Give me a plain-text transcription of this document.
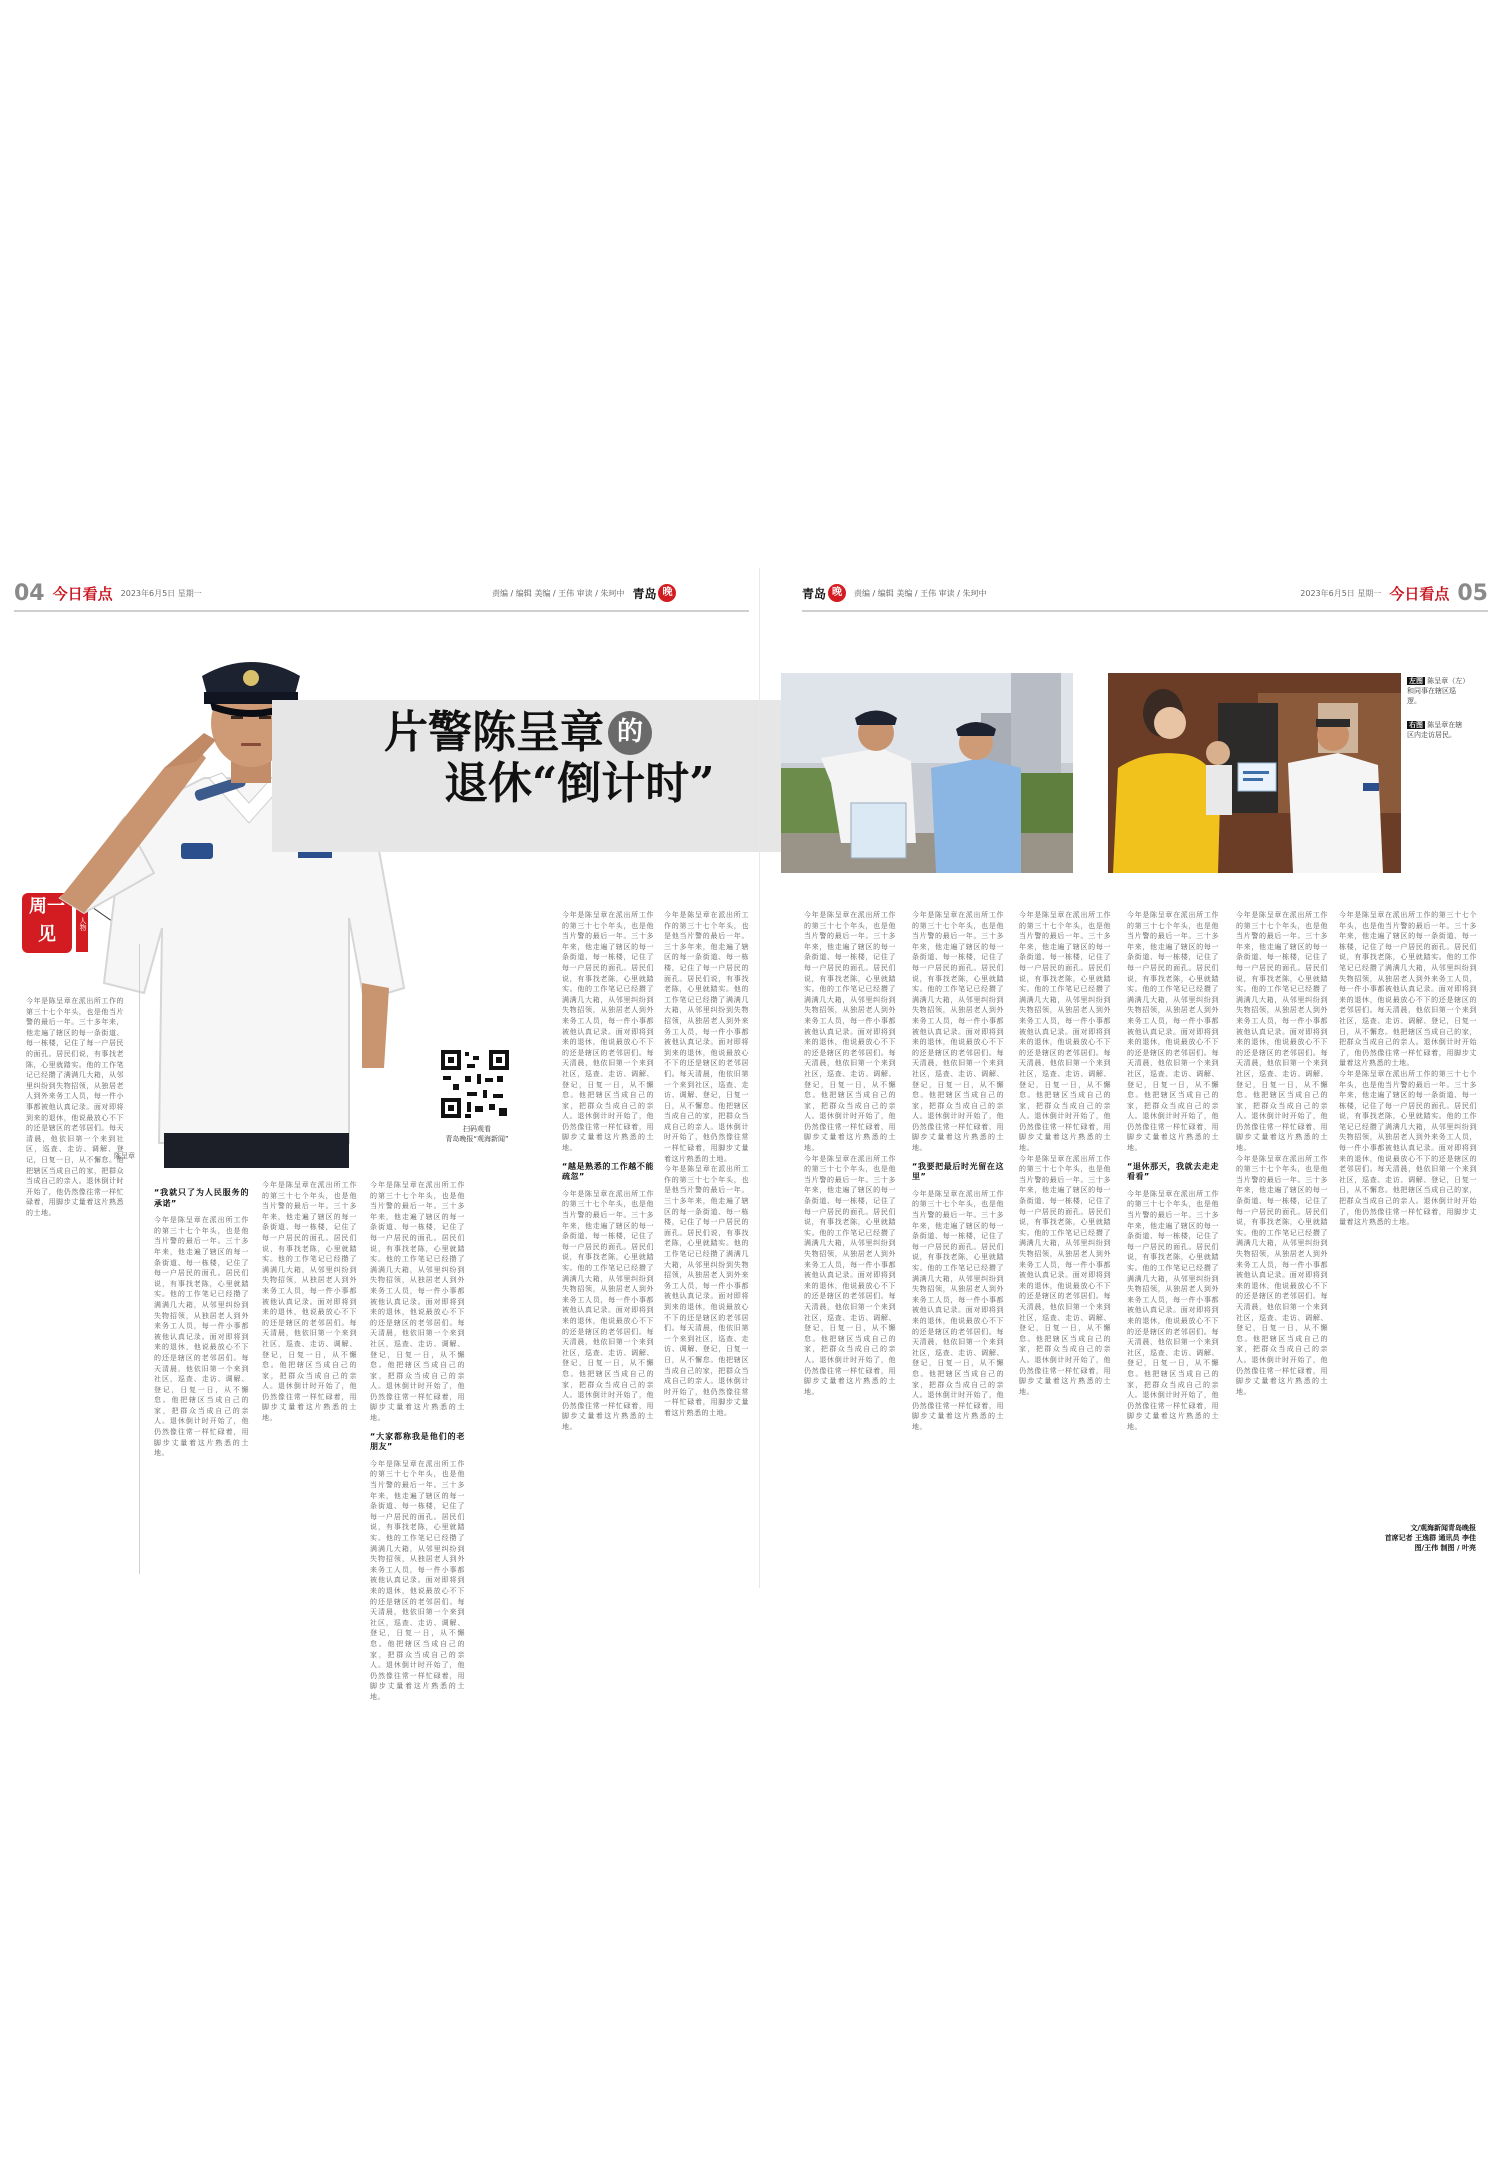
04 今日看点 2023年6月5日 星期一	责编 / 编辑 美编 / 王伟 审读 / 朱珂中 青岛 晚
周一见	人物
陈呈章
片警陈呈章 的
退休“倒计时”
扫码观看
青岛晚报“观海新闻”
今年是陈呈章在派出所工作的第三十七个年头，也是他当片警的最后一年。三十多年来，他走遍了辖区的每一条街道、每一栋楼，记住了每一户居民的面孔。居民们说，有事找老陈，心里就踏实。他的工作笔记已经攒了满满几大箱，从邻里纠纷到失物招领，从独居老人到外来务工人员，每一件小事都被他认真记录。面对即将到来的退休，他说最放心不下的还是辖区的老邻居们。每天清晨，他依旧第一个来到社区，巡查、走访、调解、登记，日复一日，从不懈怠。他把辖区当成自己的家，把群众当成自己的亲人。退休倒计时开始了，他仍然像往常一样忙碌着，用脚步丈量着这片熟悉的土地。
“我就只了为人民服务的承诺”
今年是陈呈章在派出所工作的第三十七个年头，也是他当片警的最后一年。三十多年来，他走遍了辖区的每一条街道、每一栋楼，记住了每一户居民的面孔。居民们说，有事找老陈，心里就踏实。他的工作笔记已经攒了满满几大箱，从邻里纠纷到失物招领，从独居老人到外来务工人员，每一件小事都被他认真记录。面对即将到来的退休，他说最放心不下的还是辖区的老邻居们。每天清晨，他依旧第一个来到社区，巡查、走访、调解、登记，日复一日，从不懈怠。他把辖区当成自己的家，把群众当成自己的亲人。退休倒计时开始了，他仍然像往常一样忙碌着，用脚步丈量着这片熟悉的土地。
今年是陈呈章在派出所工作的第三十七个年头，也是他当片警的最后一年。三十多年来，他走遍了辖区的每一条街道、每一栋楼，记住了每一户居民的面孔。居民们说，有事找老陈，心里就踏实。他的工作笔记已经攒了满满几大箱，从邻里纠纷到失物招领，从独居老人到外来务工人员，每一件小事都被他认真记录。面对即将到来的退休，他说最放心不下的还是辖区的老邻居们。每天清晨，他依旧第一个来到社区，巡查、走访、调解、登记，日复一日，从不懈怠。他把辖区当成自己的家，把群众当成自己的亲人。退休倒计时开始了，他仍然像往常一样忙碌着，用脚步丈量着这片熟悉的土地。
今年是陈呈章在派出所工作的第三十七个年头，也是他当片警的最后一年。三十多年来，他走遍了辖区的每一条街道、每一栋楼，记住了每一户居民的面孔。居民们说，有事找老陈，心里就踏实。他的工作笔记已经攒了满满几大箱，从邻里纠纷到失物招领，从独居老人到外来务工人员，每一件小事都被他认真记录。面对即将到来的退休，他说最放心不下的还是辖区的老邻居们。每天清晨，他依旧第一个来到社区，巡查、走访、调解、登记，日复一日，从不懈怠。他把辖区当成自己的家，把群众当成自己的亲人。退休倒计时开始了，他仍然像往常一样忙碌着，用脚步丈量着这片熟悉的土地。
“大家都称我是他们的老朋友”
今年是陈呈章在派出所工作的第三十七个年头，也是他当片警的最后一年。三十多年来，他走遍了辖区的每一条街道、每一栋楼，记住了每一户居民的面孔。居民们说，有事找老陈，心里就踏实。他的工作笔记已经攒了满满几大箱，从邻里纠纷到失物招领，从独居老人到外来务工人员，每一件小事都被他认真记录。面对即将到来的退休，他说最放心不下的还是辖区的老邻居们。每天清晨，他依旧第一个来到社区，巡查、走访、调解、登记，日复一日，从不懈怠。他把辖区当成自己的家，把群众当成自己的亲人。退休倒计时开始了，他仍然像往常一样忙碌着，用脚步丈量着这片熟悉的土地。
今年是陈呈章在派出所工作的第三十七个年头，也是他当片警的最后一年。三十多年来，他走遍了辖区的每一条街道、每一栋楼，记住了每一户居民的面孔。居民们说，有事找老陈，心里就踏实。他的工作笔记已经攒了满满几大箱，从邻里纠纷到失物招领，从独居老人到外来务工人员，每一件小事都被他认真记录。面对即将到来的退休，他说最放心不下的还是辖区的老邻居们。每天清晨，他依旧第一个来到社区，巡查、走访、调解、登记，日复一日，从不懈怠。他把辖区当成自己的家，把群众当成自己的亲人。退休倒计时开始了，他仍然像往常一样忙碌着，用脚步丈量着这片熟悉的土地。
“越是熟悉的工作越不能疏忽”
今年是陈呈章在派出所工作的第三十七个年头，也是他当片警的最后一年。三十多年来，他走遍了辖区的每一条街道、每一栋楼，记住了每一户居民的面孔。居民们说，有事找老陈，心里就踏实。他的工作笔记已经攒了满满几大箱，从邻里纠纷到失物招领，从独居老人到外来务工人员，每一件小事都被他认真记录。面对即将到来的退休，他说最放心不下的还是辖区的老邻居们。每天清晨，他依旧第一个来到社区，巡查、走访、调解、登记，日复一日，从不懈怠。他把辖区当成自己的家，把群众当成自己的亲人。退休倒计时开始了，他仍然像往常一样忙碌着，用脚步丈量着这片熟悉的土地。
今年是陈呈章在派出所工作的第三十七个年头，也是他当片警的最后一年。三十多年来，他走遍了辖区的每一条街道、每一栋楼，记住了每一户居民的面孔。居民们说，有事找老陈，心里就踏实。他的工作笔记已经攒了满满几大箱，从邻里纠纷到失物招领，从独居老人到外来务工人员，每一件小事都被他认真记录。面对即将到来的退休，他说最放心不下的还是辖区的老邻居们。每天清晨，他依旧第一个来到社区，巡查、走访、调解、登记，日复一日，从不懈怠。他把辖区当成自己的家，把群众当成自己的亲人。退休倒计时开始了，他仍然像往常一样忙碌着，用脚步丈量着这片熟悉的土地。
今年是陈呈章在派出所工作的第三十七个年头，也是他当片警的最后一年。三十多年来，他走遍了辖区的每一条街道、每一栋楼，记住了每一户居民的面孔。居民们说，有事找老陈，心里就踏实。他的工作笔记已经攒了满满几大箱，从邻里纠纷到失物招领，从独居老人到外来务工人员，每一件小事都被他认真记录。面对即将到来的退休，他说最放心不下的还是辖区的老邻居们。每天清晨，他依旧第一个来到社区，巡查、走访、调解、登记，日复一日，从不懈怠。他把辖区当成自己的家，把群众当成自己的亲人。退休倒计时开始了，他仍然像往常一样忙碌着，用脚步丈量着这片熟悉的土地。
青岛 晚	责编 / 编辑 美编 / 王伟 审读 / 朱珂中	2023年6月5日 星期一 今日看点 05
左图 陈呈章（左）和同事在辖区巡逻。
右图 陈呈章在辖区内走访居民。
今年是陈呈章在派出所工作的第三十七个年头，也是他当片警的最后一年。三十多年来，他走遍了辖区的每一条街道、每一栋楼，记住了每一户居民的面孔。居民们说，有事找老陈，心里就踏实。他的工作笔记已经攒了满满几大箱，从邻里纠纷到失物招领，从独居老人到外来务工人员，每一件小事都被他认真记录。面对即将到来的退休，他说最放心不下的还是辖区的老邻居们。每天清晨，他依旧第一个来到社区，巡查、走访、调解、登记，日复一日，从不懈怠。他把辖区当成自己的家，把群众当成自己的亲人。退休倒计时开始了，他仍然像往常一样忙碌着，用脚步丈量着这片熟悉的土地。
今年是陈呈章在派出所工作的第三十七个年头，也是他当片警的最后一年。三十多年来，他走遍了辖区的每一条街道、每一栋楼，记住了每一户居民的面孔。居民们说，有事找老陈，心里就踏实。他的工作笔记已经攒了满满几大箱，从邻里纠纷到失物招领，从独居老人到外来务工人员，每一件小事都被他认真记录。面对即将到来的退休，他说最放心不下的还是辖区的老邻居们。每天清晨，他依旧第一个来到社区，巡查、走访、调解、登记，日复一日，从不懈怠。他把辖区当成自己的家，把群众当成自己的亲人。退休倒计时开始了，他仍然像往常一样忙碌着，用脚步丈量着这片熟悉的土地。
今年是陈呈章在派出所工作的第三十七个年头，也是他当片警的最后一年。三十多年来，他走遍了辖区的每一条街道、每一栋楼，记住了每一户居民的面孔。居民们说，有事找老陈，心里就踏实。他的工作笔记已经攒了满满几大箱，从邻里纠纷到失物招领，从独居老人到外来务工人员，每一件小事都被他认真记录。面对即将到来的退休，他说最放心不下的还是辖区的老邻居们。每天清晨，他依旧第一个来到社区，巡查、走访、调解、登记，日复一日，从不懈怠。他把辖区当成自己的家，把群众当成自己的亲人。退休倒计时开始了，他仍然像往常一样忙碌着，用脚步丈量着这片熟悉的土地。
“我要把最后时光留在这里”
今年是陈呈章在派出所工作的第三十七个年头，也是他当片警的最后一年。三十多年来，他走遍了辖区的每一条街道、每一栋楼，记住了每一户居民的面孔。居民们说，有事找老陈，心里就踏实。他的工作笔记已经攒了满满几大箱，从邻里纠纷到失物招领，从独居老人到外来务工人员，每一件小事都被他认真记录。面对即将到来的退休，他说最放心不下的还是辖区的老邻居们。每天清晨，他依旧第一个来到社区，巡查、走访、调解、登记，日复一日，从不懈怠。他把辖区当成自己的家，把群众当成自己的亲人。退休倒计时开始了，他仍然像往常一样忙碌着，用脚步丈量着这片熟悉的土地。
今年是陈呈章在派出所工作的第三十七个年头，也是他当片警的最后一年。三十多年来，他走遍了辖区的每一条街道、每一栋楼，记住了每一户居民的面孔。居民们说，有事找老陈，心里就踏实。他的工作笔记已经攒了满满几大箱，从邻里纠纷到失物招领，从独居老人到外来务工人员，每一件小事都被他认真记录。面对即将到来的退休，他说最放心不下的还是辖区的老邻居们。每天清晨，他依旧第一个来到社区，巡查、走访、调解、登记，日复一日，从不懈怠。他把辖区当成自己的家，把群众当成自己的亲人。退休倒计时开始了，他仍然像往常一样忙碌着，用脚步丈量着这片熟悉的土地。
今年是陈呈章在派出所工作的第三十七个年头，也是他当片警的最后一年。三十多年来，他走遍了辖区的每一条街道、每一栋楼，记住了每一户居民的面孔。居民们说，有事找老陈，心里就踏实。他的工作笔记已经攒了满满几大箱，从邻里纠纷到失物招领，从独居老人到外来务工人员，每一件小事都被他认真记录。面对即将到来的退休，他说最放心不下的还是辖区的老邻居们。每天清晨，他依旧第一个来到社区，巡查、走访、调解、登记，日复一日，从不懈怠。他把辖区当成自己的家，把群众当成自己的亲人。退休倒计时开始了，他仍然像往常一样忙碌着，用脚步丈量着这片熟悉的土地。
今年是陈呈章在派出所工作的第三十七个年头，也是他当片警的最后一年。三十多年来，他走遍了辖区的每一条街道、每一栋楼，记住了每一户居民的面孔。居民们说，有事找老陈，心里就踏实。他的工作笔记已经攒了满满几大箱，从邻里纠纷到失物招领，从独居老人到外来务工人员，每一件小事都被他认真记录。面对即将到来的退休，他说最放心不下的还是辖区的老邻居们。每天清晨，他依旧第一个来到社区，巡查、走访、调解、登记，日复一日，从不懈怠。他把辖区当成自己的家，把群众当成自己的亲人。退休倒计时开始了，他仍然像往常一样忙碌着，用脚步丈量着这片熟悉的土地。
“退休那天，我就去走走看看”
今年是陈呈章在派出所工作的第三十七个年头，也是他当片警的最后一年。三十多年来，他走遍了辖区的每一条街道、每一栋楼，记住了每一户居民的面孔。居民们说，有事找老陈，心里就踏实。他的工作笔记已经攒了满满几大箱，从邻里纠纷到失物招领，从独居老人到外来务工人员，每一件小事都被他认真记录。面对即将到来的退休，他说最放心不下的还是辖区的老邻居们。每天清晨，他依旧第一个来到社区，巡查、走访、调解、登记，日复一日，从不懈怠。他把辖区当成自己的家，把群众当成自己的亲人。退休倒计时开始了，他仍然像往常一样忙碌着，用脚步丈量着这片熟悉的土地。
今年是陈呈章在派出所工作的第三十七个年头，也是他当片警的最后一年。三十多年来，他走遍了辖区的每一条街道、每一栋楼，记住了每一户居民的面孔。居民们说，有事找老陈，心里就踏实。他的工作笔记已经攒了满满几大箱，从邻里纠纷到失物招领，从独居老人到外来务工人员，每一件小事都被他认真记录。面对即将到来的退休，他说最放心不下的还是辖区的老邻居们。每天清晨，他依旧第一个来到社区，巡查、走访、调解、登记，日复一日，从不懈怠。他把辖区当成自己的家，把群众当成自己的亲人。退休倒计时开始了，他仍然像往常一样忙碌着，用脚步丈量着这片熟悉的土地。
今年是陈呈章在派出所工作的第三十七个年头，也是他当片警的最后一年。三十多年来，他走遍了辖区的每一条街道、每一栋楼，记住了每一户居民的面孔。居民们说，有事找老陈，心里就踏实。他的工作笔记已经攒了满满几大箱，从邻里纠纷到失物招领，从独居老人到外来务工人员，每一件小事都被他认真记录。面对即将到来的退休，他说最放心不下的还是辖区的老邻居们。每天清晨，他依旧第一个来到社区，巡查、走访、调解、登记，日复一日，从不懈怠。他把辖区当成自己的家，把群众当成自己的亲人。退休倒计时开始了，他仍然像往常一样忙碌着，用脚步丈量着这片熟悉的土地。
今年是陈呈章在派出所工作的第三十七个年头，也是他当片警的最后一年。三十多年来，他走遍了辖区的每一条街道、每一栋楼，记住了每一户居民的面孔。居民们说，有事找老陈，心里就踏实。他的工作笔记已经攒了满满几大箱，从邻里纠纷到失物招领，从独居老人到外来务工人员，每一件小事都被他认真记录。面对即将到来的退休，他说最放心不下的还是辖区的老邻居们。每天清晨，他依旧第一个来到社区，巡查、走访、调解、登记，日复一日，从不懈怠。他把辖区当成自己的家，把群众当成自己的亲人。退休倒计时开始了，他仍然像往常一样忙碌着，用脚步丈量着这片熟悉的土地。
今年是陈呈章在派出所工作的第三十七个年头，也是他当片警的最后一年。三十多年来，他走遍了辖区的每一条街道、每一栋楼，记住了每一户居民的面孔。居民们说，有事找老陈，心里就踏实。他的工作笔记已经攒了满满几大箱，从邻里纠纷到失物招领，从独居老人到外来务工人员，每一件小事都被他认真记录。面对即将到来的退休，他说最放心不下的还是辖区的老邻居们。每天清晨，他依旧第一个来到社区，巡查、走访、调解、登记，日复一日，从不懈怠。他把辖区当成自己的家，把群众当成自己的亲人。退休倒计时开始了，他仍然像往常一样忙碌着，用脚步丈量着这片熟悉的土地。
文/观海新闻青岛晚报
首席记者 王逸群 通讯员 李佳
图/王伟 制图 / 叶亮
